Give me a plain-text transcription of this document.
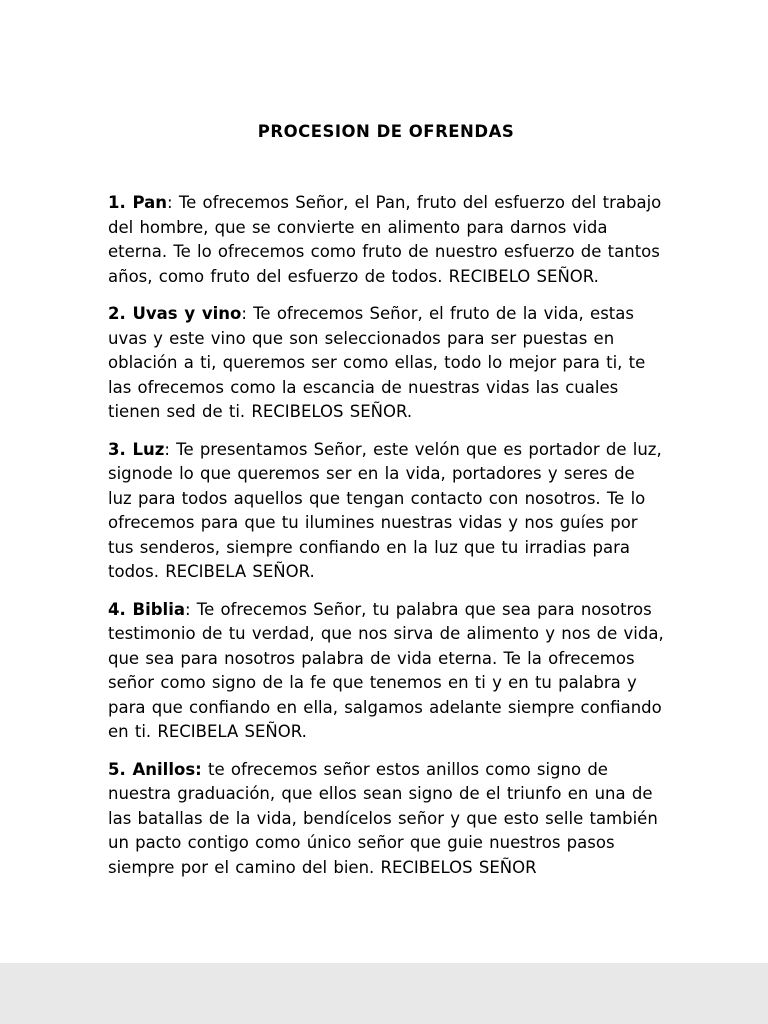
PROCESION DE OFRENDAS

1. Pan: Te ofrecemos Señor, el Pan, fruto del esfuerzo del trabajo del hombre, que se convierte en alimento para darnos vida eterna. Te lo ofrecemos como fruto de nuestro esfuerzo de tantos años, como fruto del esfuerzo de todos. RECIBELO SEÑOR.

2. Uvas y vino: Te ofrecemos Señor, el fruto de la vida, estas uvas y este vino que son seleccionados para ser puestas en oblación a ti, queremos ser como ellas, todo lo mejor para ti, te las ofrecemos como la escancia de nuestras vidas las cuales tienen sed de ti. RECIBELOS SEÑOR.

3. Luz: Te presentamos Señor, este velón que es portador de luz, signode lo que queremos ser en la vida, portadores y seres de luz para todos aquellos que tengan contacto con nosotros. Te lo ofrecemos para que tu ilumines nuestras vidas y nos guíes por tus senderos, siempre confiando en la luz que tu irradias para todos. RECIBELA SEÑOR.

4. Biblia: Te ofrecemos Señor, tu palabra que sea para nosotros testimonio de tu verdad, que nos sirva de alimento y nos de vida, que sea para nosotros palabra de vida eterna. Te la ofrecemos señor como signo de la fe que tenemos en ti y en tu palabra y para que confiando en ella, salgamos adelante siempre confiando en ti. RECIBELA SEÑOR.

5. Anillos: te ofrecemos señor estos anillos como signo de nuestra graduación, que ellos sean signo de el triunfo en una de las batallas de la vida, bendícelos señor y que esto selle también un pacto contigo como único señor que guie nuestros pasos siempre por el camino del bien. RECIBELOS SEÑOR
